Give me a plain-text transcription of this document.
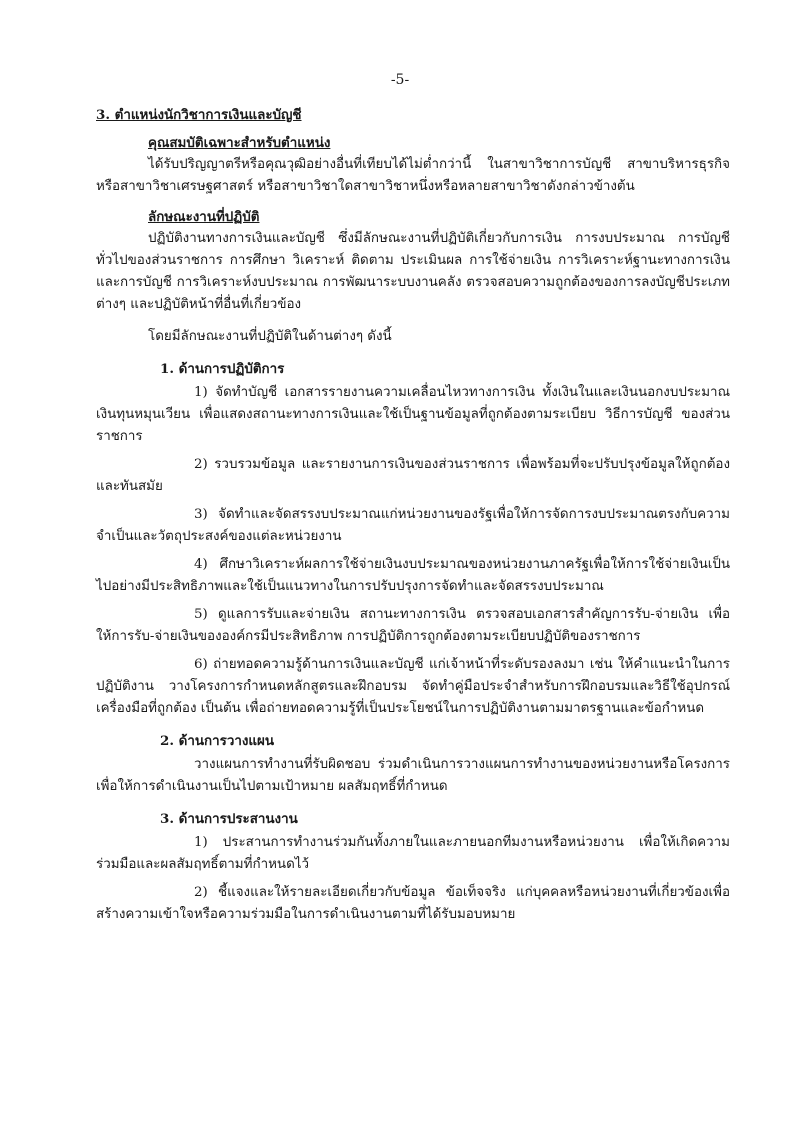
-5-
3. ตำแหน่งนักวิชาการเงินและบัญชี
คุณสมบัติเฉพาะสำหรับตำแหน่ง

ได้รับปริญญาตรีหรือคุณวุฒิอย่างอื่นที่เทียบได้ไม่ต่ำกว่านี้ ในสาขาวิชาการบัญชี สาขาบริหารธุรกิจ หรือสาขาวิชาเศรษฐศาสตร์ หรือสาขาวิชาใดสาขาวิชาหนึ่งหรือหลายสาขาวิชาดังกล่าวข้างต้น

ลักษณะงานที่ปฏิบัติ

ปฏิบัติงานทางการเงินและบัญชี ซึ่งมีลักษณะงานที่ปฏิบัติเกี่ยวกับการเงิน การงบประมาณ การบัญชีทั่วไปของส่วนราชการ การศึกษา วิเคราะห์ ติดตาม ประเมินผล การใช้จ่ายเงิน การวิเคราะห์ฐานะทางการเงินและการบัญชี การวิเคราะห์งบประมาณ การพัฒนาระบบงานคลัง ตรวจสอบความถูกต้องของการลงบัญชีประเภทต่างๆ และปฏิบัติหน้าที่อื่นที่เกี่ยวข้อง

โดยมีลักษณะงานที่ปฏิบัติในด้านต่างๆ ดังนี้
1. ด้านการปฏิบัติการ

1) จัดทำบัญชี เอกสารรายงานความเคลื่อนไหวทางการเงิน ทั้งเงินในและเงินนอกงบประมาณ เงินทุนหมุนเวียน เพื่อแสดงสถานะทางการเงินและใช้เป็นฐานข้อมูลที่ถูกต้องตามระเบียบ วิธีการบัญชี ของส่วนราชการ

2) รวบรวมข้อมูล และรายงานการเงินของส่วนราชการ เพื่อพร้อมที่จะปรับปรุงข้อมูลให้ถูกต้องและทันสมัย

3) จัดทำและจัดสรรงบประมาณแก่หน่วยงานของรัฐเพื่อให้การจัดการงบประมาณตรงกับความจำเป็นและวัตถุประสงค์ของแต่ละหน่วยงาน

4) ศึกษาวิเคราะห์ผลการใช้จ่ายเงินงบประมาณของหน่วยงานภาครัฐเพื่อให้การใช้จ่ายเงินเป็นไปอย่างมีประสิทธิภาพและใช้เป็นแนวทางในการปรับปรุงการจัดทำและจัดสรรงบประมาณ

5) ดูแลการรับและจ่ายเงิน สถานะทางการเงิน ตรวจสอบเอกสารสำคัญการรับ-จ่ายเงิน เพื่อให้การรับ-จ่ายเงินขององค์กรมีประสิทธิภาพ การปฏิบัติการถูกต้องตามระเบียบปฏิบัติของราชการ

6) ถ่ายทอดความรู้ด้านการเงินและบัญชี แก่เจ้าหน้าที่ระดับรองลงมา เช่น ให้คำแนะนำในการปฏิบัติงาน วางโครงการกำหนดหลักสูตรและฝึกอบรม จัดทำคู่มือประจำสำหรับการฝึกอบรมและวิธีใช้อุปกรณ์เครื่องมือที่ถูกต้อง เป็นต้น เพื่อถ่ายทอดความรู้ที่เป็นประโยชน์ในการปฏิบัติงานตามมาตรฐานและข้อกำหนด

2. ด้านการวางแผน

วางแผนการทำงานที่รับผิดชอบ ร่วมดำเนินการวางแผนการทำงานของหน่วยงานหรือโครงการ เพื่อให้การดำเนินงานเป็นไปตามเป้าหมาย ผลสัมฤทธิ์ที่กำหนด

3. ด้านการประสานงาน

1) ประสานการทำงานร่วมกันทั้งภายในและภายนอกทีมงานหรือหน่วยงาน เพื่อให้เกิดความร่วมมือและผลสัมฤทธิ์ตามที่กำหนดไว้

2) ชี้แจงและให้รายละเอียดเกี่ยวกับข้อมูล ข้อเท็จจริง แก่บุคคลหรือหน่วยงานที่เกี่ยวข้องเพื่อสร้างความเข้าใจหรือความร่วมมือในการดำเนินงานตามที่ได้รับมอบหมาย
